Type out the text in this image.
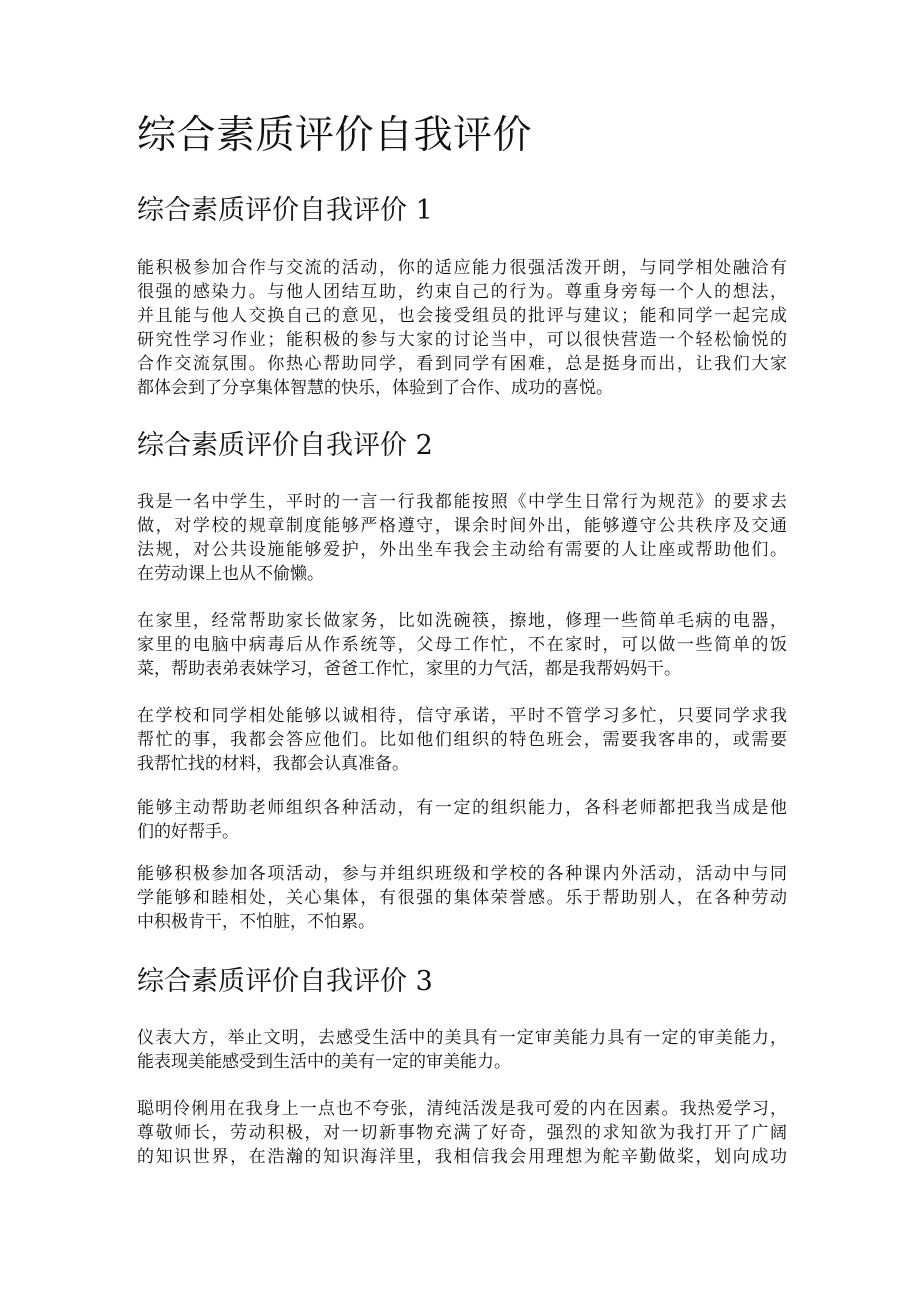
综合素质评价自我评价
综合素质评价自我评价 1
能积极参加合作与交流的活动，你的适应能力很强活泼开朗，与同学相处融洽有
很强的感染力。与他人团结互助，约束自己的行为。尊重身旁每一个人的想法，
并且能与他人交换自己的意见，也会接受组员的批评与建议；能和同学一起完成
研究性学习作业；能积极的参与大家的讨论当中，可以很快营造一个轻松愉悦的
合作交流氛围。你热心帮助同学，看到同学有困难，总是挺身而出，让我们大家
都体会到了分享集体智慧的快乐，体验到了合作、成功的喜悦。
综合素质评价自我评价 2
我是一名中学生，平时的一言一行我都能按照《中学生日常行为规范》的要求去
做，对学校的规章制度能够严格遵守，课余时间外出，能够遵守公共秩序及交通
法规，对公共设施能够爱护，外出坐车我会主动给有需要的人让座或帮助他们。
在劳动课上也从不偷懒。
在家里，经常帮助家长做家务，比如洗碗筷，擦地，修理一些简单毛病的电器，
家里的电脑中病毒后从作系统等，父母工作忙，不在家时，可以做一些简单的饭
菜，帮助表弟表妹学习，爸爸工作忙，家里的力气活，都是我帮妈妈干。
在学校和同学相处能够以诚相待，信守承诺，平时不管学习多忙，只要同学求我
帮忙的事，我都会答应他们。比如他们组织的特色班会，需要我客串的，或需要
我帮忙找的材料，我都会认真准备。
能够主动帮助老师组织各种活动，有一定的组织能力，各科老师都把我当成是他
们的好帮手。
能够积极参加各项活动，参与并组织班级和学校的各种课内外活动，活动中与同
学能够和睦相处，关心集体，有很强的集体荣誉感。乐于帮助别人，在各种劳动
中积极肯干，不怕脏，不怕累。
综合素质评价自我评价 3
仪表大方，举止文明，去感受生活中的美具有一定审美能力具有一定的审美能力，
能表现美能感受到生活中的美有一定的审美能力。
聪明伶俐用在我身上一点也不夸张，清纯活泼是我可爱的内在因素。我热爱学习，
尊敬师长，劳动积极，对一切新事物充满了好奇，强烈的求知欲为我打开了广阔
的知识世界，在浩瀚的知识海洋里，我相信我会用理想为舵辛勤做桨，划向成功
